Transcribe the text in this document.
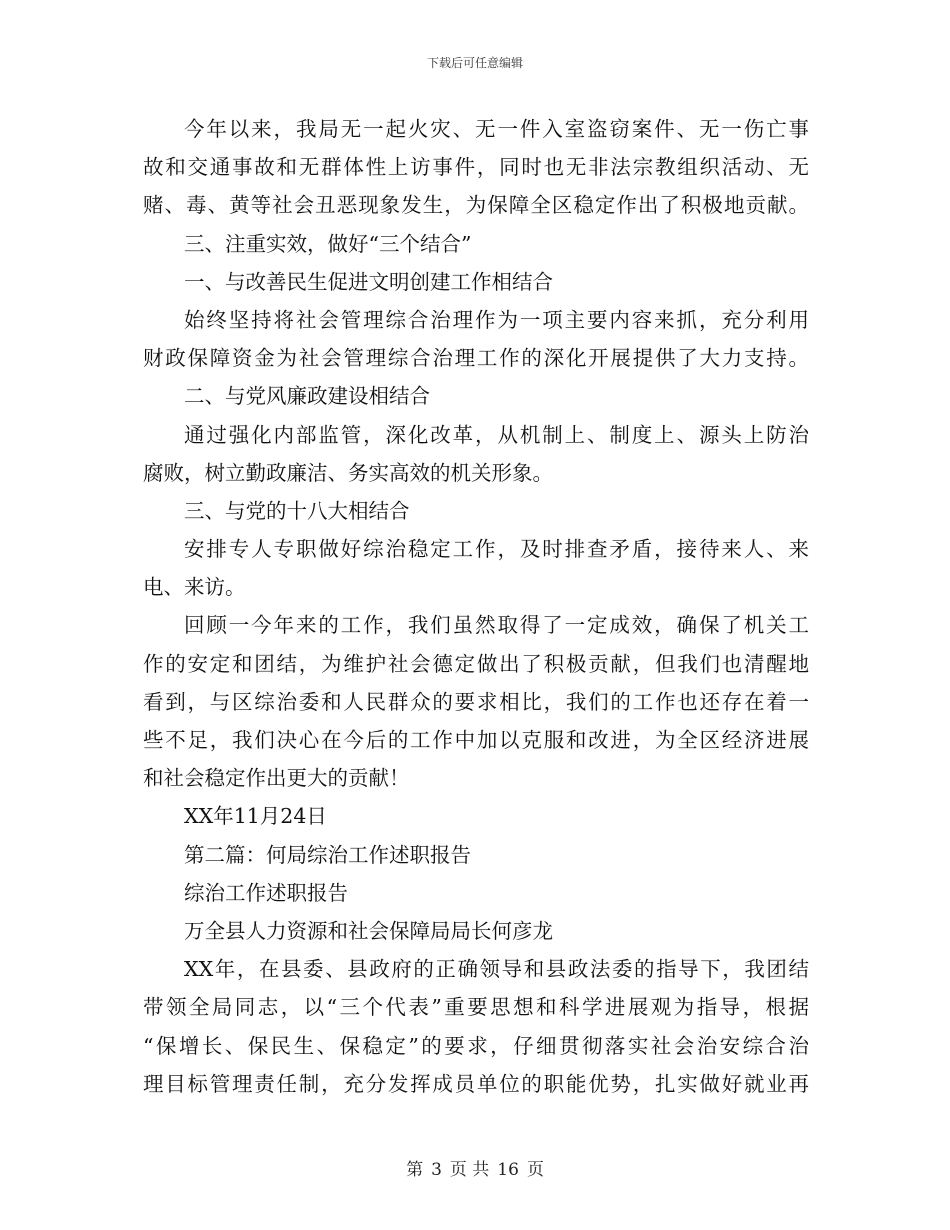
下载后可任意编辑
今年以来，我局无一起火灾、无一件入室盗窃案件、无一伤亡事
故和交通事故和无群体性上访事件，同时也无非法宗教组织活动、无
赌、毒、黄等社会丑恶现象发生，为保障全区稳定作出了积极地贡献。
三、注重实效，做好“三个结合”
一、与改善民生促进文明创建工作相结合
始终坚持将社会管理综合治理作为一项主要内容来抓，充分利用
财政保障资金为社会管理综合治理工作的深化开展提供了大力支持。
二、与党风廉政建设相结合
通过强化内部监管，深化改革，从机制上、制度上、源头上防治
腐败，树立勤政廉洁、务实高效的机关形象。
三、与党的十八大相结合
安排专人专职做好综治稳定工作，及时排查矛盾，接待来人、来
电、来访。
回顾一今年来的工作，我们虽然取得了一定成效，确保了机关工
作的安定和团结，为维护社会德定做出了积极贡献，但我们也清醒地
看到，与区综治委和人民群众的要求相比，我们的工作也还存在着一
些不足，我们决心在今后的工作中加以克服和改进，为全区经济进展
和社会稳定作出更大的贡献！
XX年11月24日
第二篇：何局综治工作述职报告
综治工作述职报告
万全县人力资源和社会保障局局长何彦龙
XX年，在县委、县政府的正确领导和县政法委的指导下，我团结
带领全局同志，以“三个代表”重要思想和科学进展观为指导，根据
“保增长、保民生、保稳定”的要求，仔细贯彻落实社会治安综合治
理目标管理责任制，充分发挥成员单位的职能优势，扎实做好就业再
第 3 页 共 16 页
